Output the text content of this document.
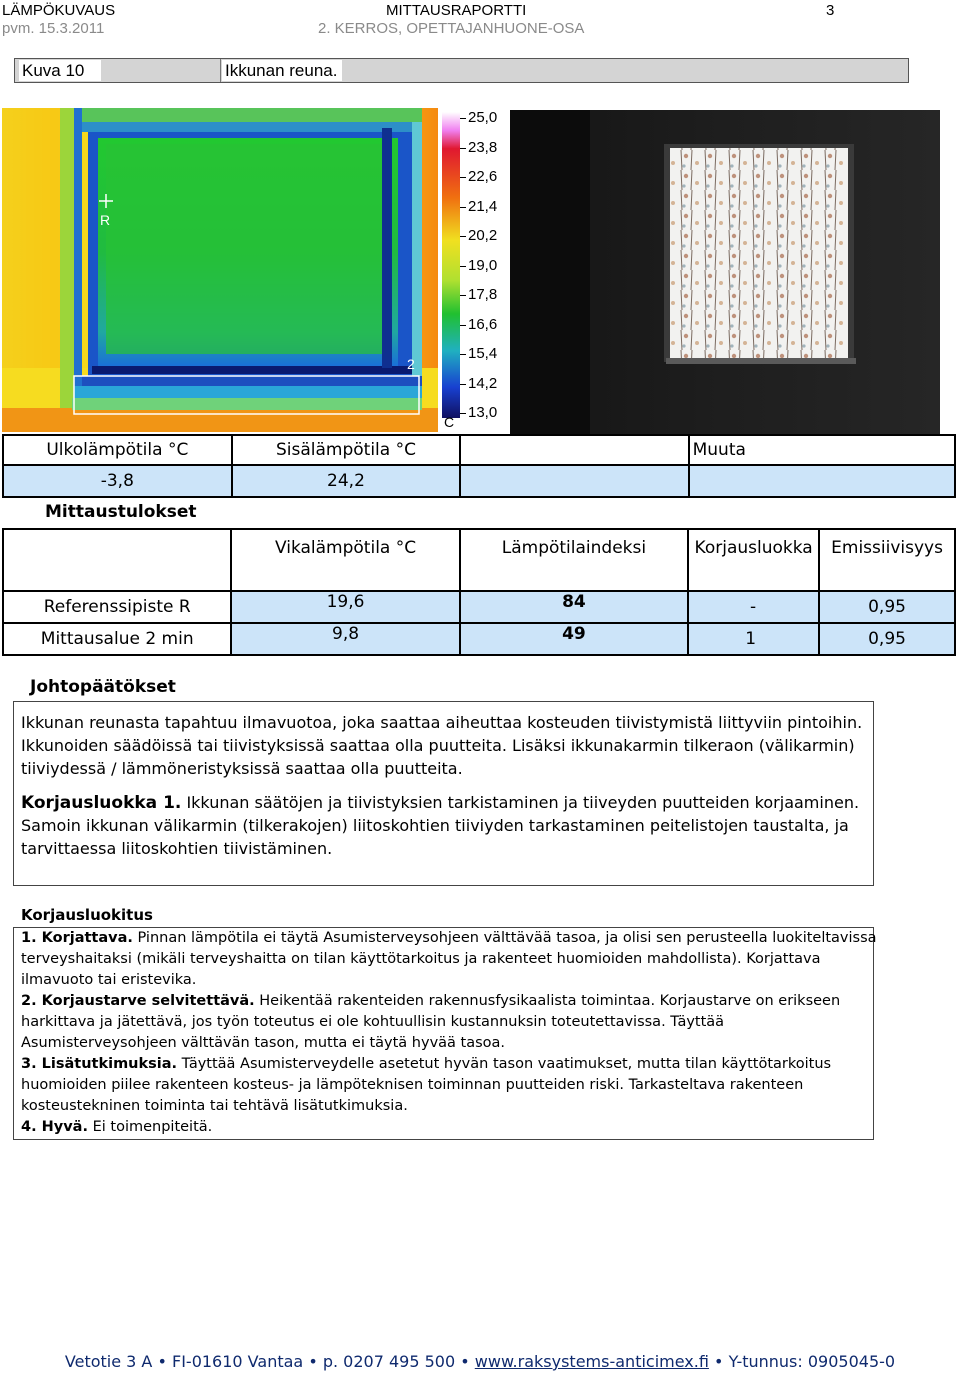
LÄMPÖKUVAUS	MITTAUSRAPORTTI	3
pvm. 15.3.2011	2. KERROS, OPETTAJANHUONE-OSA
Kuva 10	Ikkunan reuna.
R
2
25,0
23,8
22,6
21,4
20,2
19,0
17,8
16,6
15,4
14,2
13,0
C
Ulkolämpötila °C	Sisälämpötila °C		Muuta
-3,8	24,2		
Mittaustulokset
	Vikalämpötila °C	Lämpötilaindeksi	Korjausluokka	Emissiivisyys
Referenssipiste R	19,6	84	-	0,95
Mittausalue 2 min	9,8	49	1	0,95
Johtopäätökset

Ikkunan reunasta tapahtuu ilmavuotoa, joka saattaa aiheuttaa kosteuden tiivistymistä liittyviin pintoihin.

Ikkunoiden säädöissä tai tiivistyksissä saattaa olla puutteita. Lisäksi ikkunakarmin tilkeraon (välikarmin)

tiiviydessä / lämmöneristyksissä saattaa olla puutteita.

Korjausluokka 1. Ikkunan säätöjen ja tiivistyksien tarkistaminen ja tiiveyden puutteiden korjaaminen.

Samoin ikkunan välikarmin (tilkerakojen) liitoskohtien tiiviyden tarkastaminen peitelistojen taustalta, ja

tarvittaessa liitoskohtien tiivistäminen.

Korjausluokitus

1. Korjattava. Pinnan lämpötila ei täytä Asumisterveysohjeen välttävää tasoa, ja olisi sen perusteella luokiteltavissa

terveyshaitaksi (mikäli terveyshaitta on tilan käyttötarkoitus ja rakenteet huomioiden mahdollista). Korjattava

ilmavuoto tai eristevika.

2. Korjaustarve selvitettävä. Heikentää rakenteiden rakennusfysikaalista toimintaa. Korjaustarve on erikseen

harkittava ja jätettävä, jos työn toteutus ei ole kohtuullisin kustannuksin toteutettavissa. Täyttää

Asumisterveysohjeen välttävän tason, mutta ei täytä hyvää tasoa.

3. Lisätutkimuksia. Täyttää Asumisterveydelle asetetut hyvän tason vaatimukset, mutta tilan käyttötarkoitus

huomioiden piilee rakenteen kosteus- ja lämpöteknisen toiminnan puutteiden riski. Tarkasteltava rakenteen

kosteustekninen toiminta tai tehtävä lisätutkimuksia.

4. Hyvä. Ei toimenpiteitä.

Vetotie 3 A • FI-01610 Vantaa • p. 0207 495 500 • www.raksystems-anticimex.fi • Y-tunnus: 0905045-0
